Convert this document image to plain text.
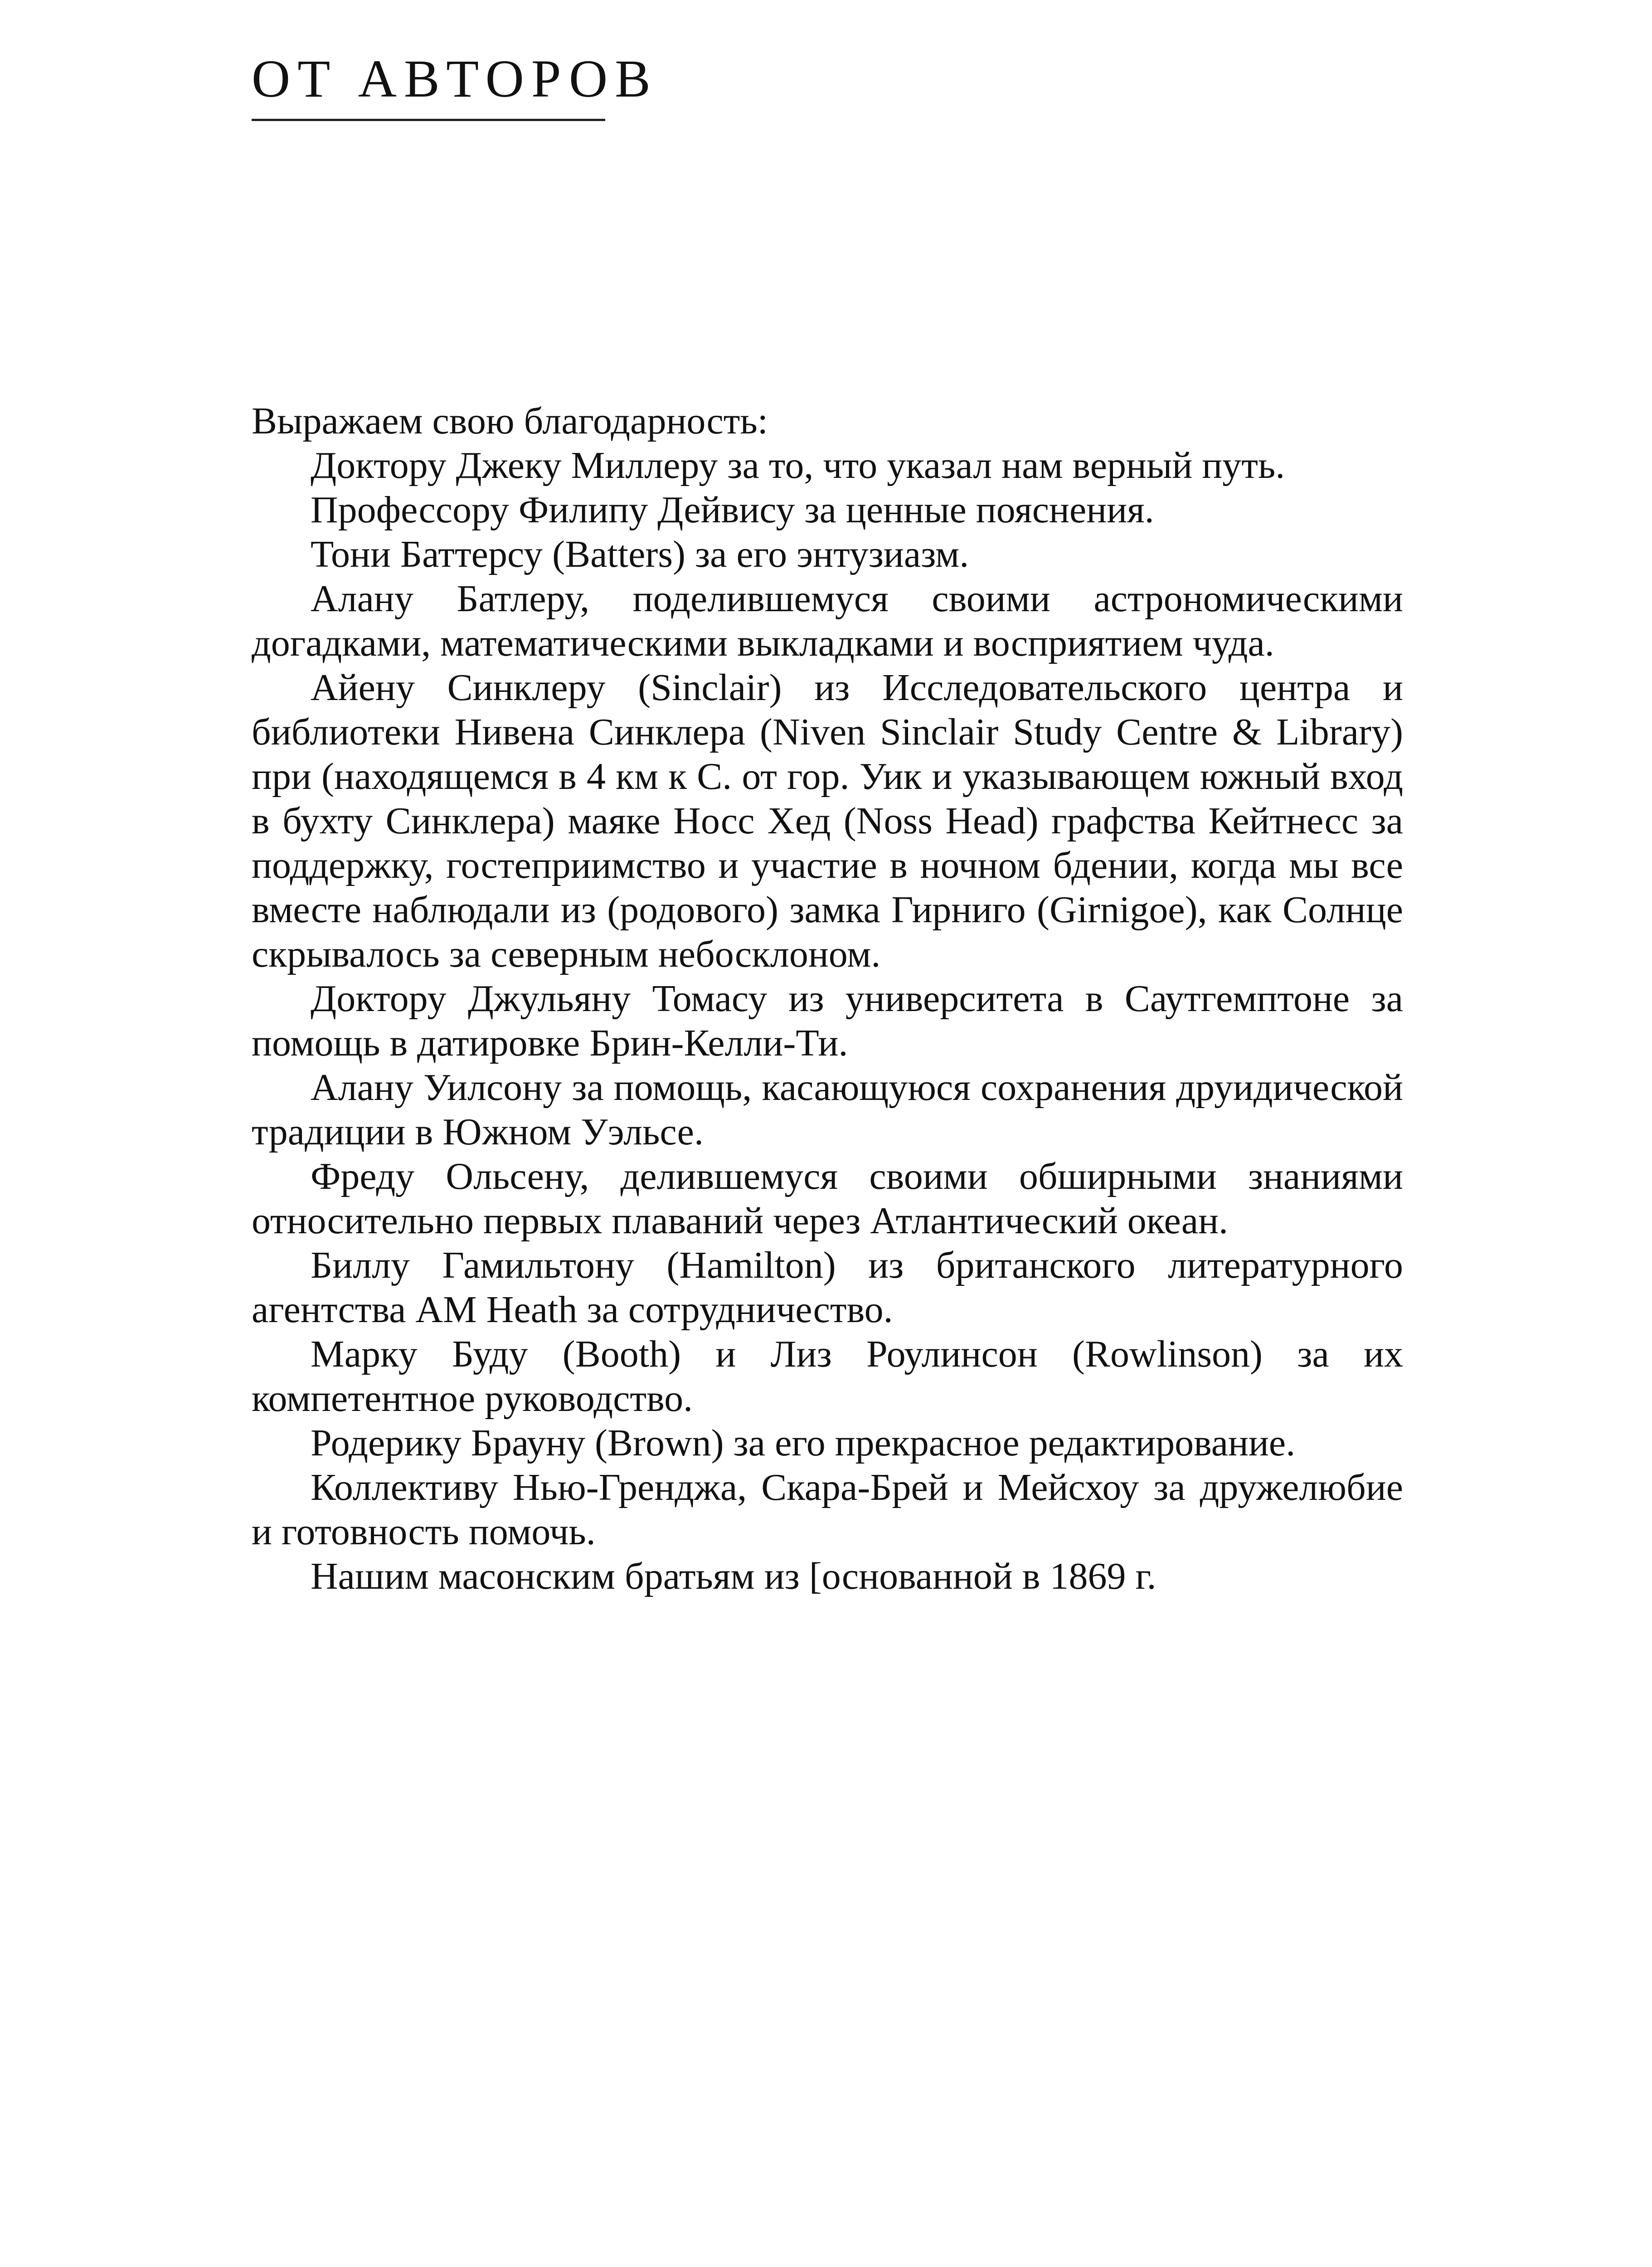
ОТ АВТОРОВ

Выражаем свою благодарность:

Доктору Джеку Миллеру за то, что указал нам верный путь.

Профессору Филипу Дейвису за ценные пояснения.

Тони Баттерсу (Batters) за его энтузиазм.

Алану Батлеру, поделившемуся своими астрономическими догадками, математическими выкладками и восприятием чуда.

Айену Синклеру (Sinclair) из Исследовательского центра и библиотеки Нивена Синклера (Niven Sinclair Study Centre & Library) при (находящемся в 4 км к С. от гор. Уик и указывающем южный вход в бухту Синклера) маяке Носс Хед (Noss Head) графства Кейтнесс за поддержку, гостеприимство и участие в ночном бдении, когда мы все вместе наблюдали из (родового) замка Гирниго (Girnigoe), как Солнце скрывалось за северным небосклоном.

Доктору Джульяну Томасу из университета в Саутгемптоне за помощь в датировке Брин-Келли-Ти.

Алану Уилсону за помощь, касающуюся сохранения друидической традиции в Южном Уэльсе.

Фреду Ольсену, делившемуся своими обширными знаниями относительно первых плаваний через Атлантический океан.

Биллу Гамильтону (Hamilton) из британского литературного агентства AM Heath за сотрудничество.

Марку Буду (Booth) и Лиз Роулинсон (Rowlinson) за их компетентное руководство.

Родерику Брауну (Brown) за его прекрасное редактирование.

Коллективу Нью-Гренджа, Скара-Брей и Мейсхоу за дружелюбие и готовность помочь.

Нашим масонским братьям из [основанной в 1869 г.
